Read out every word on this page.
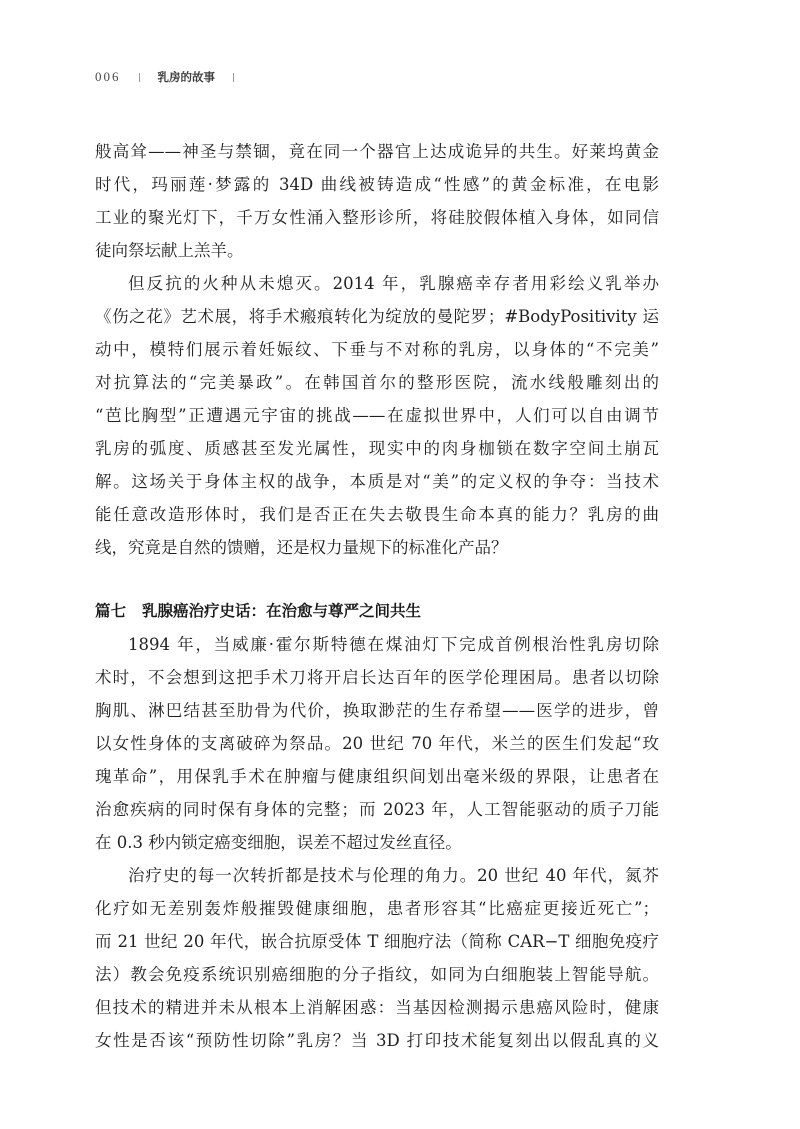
006	乳房的故事

般高耸——神圣与禁锢，竟在同一个器官上达成诡异的共生。好莱坞黄金

时代，玛丽莲·梦露的 34D 曲线被铸造成“性感”的黄金标准，在电影

工业的聚光灯下，千万女性涌入整形诊所，将硅胶假体植入身体，如同信

徒向祭坛献上羔羊。

但反抗的火种从未熄灭。2014 年，乳腺癌幸存者用彩绘义乳举办

《伤之花》艺术展，将手术瘢痕转化为绽放的曼陀罗；#BodyPositivity 运

动中，模特们展示着妊娠纹、下垂与不对称的乳房，以身体的“不完美”

对抗算法的“完美暴政”。在韩国首尔的整形医院，流水线般雕刻出的

“芭比胸型”正遭遇元宇宙的挑战——在虚拟世界中，人们可以自由调节

乳房的弧度、质感甚至发光属性，现实中的肉身枷锁在数字空间土崩瓦

解。这场关于身体主权的战争，本质是对“美”的定义权的争夺：当技术

能任意改造形体时，我们是否正在失去敬畏生命本真的能力？乳房的曲

线，究竟是自然的馈赠，还是权力量规下的标准化产品？

篇七 乳腺癌治疗史话：在治愈与尊严之间共生

1894 年，当威廉·霍尔斯特德在煤油灯下完成首例根治性乳房切除

术时，不会想到这把手术刀将开启长达百年的医学伦理困局。患者以切除

胸肌、淋巴结甚至肋骨为代价，换取渺茫的生存希望——医学的进步，曾

以女性身体的支离破碎为祭品。20 世纪 70 年代，米兰的医生们发起“玫

瑰革命”，用保乳手术在肿瘤与健康组织间划出毫米级的界限，让患者在

治愈疾病的同时保有身体的完整；而 2023 年，人工智能驱动的质子刀能

在 0.3 秒内锁定癌变细胞，误差不超过发丝直径。

治疗史的每一次转折都是技术与伦理的角力。20 世纪 40 年代，氮芥

化疗如无差别轰炸般摧毁健康细胞，患者形容其“比癌症更接近死亡”；

而 21 世纪 20 年代，嵌合抗原受体 T 细胞疗法（简称 CAR−T 细胞免疫疗

法）教会免疫系统识别癌细胞的分子指纹，如同为白细胞装上智能导航。

但技术的精进并未从根本上消解困惑：当基因检测揭示患癌风险时，健康

女性是否该“预防性切除”乳房？当 3D 打印技术能复刻出以假乱真的义
